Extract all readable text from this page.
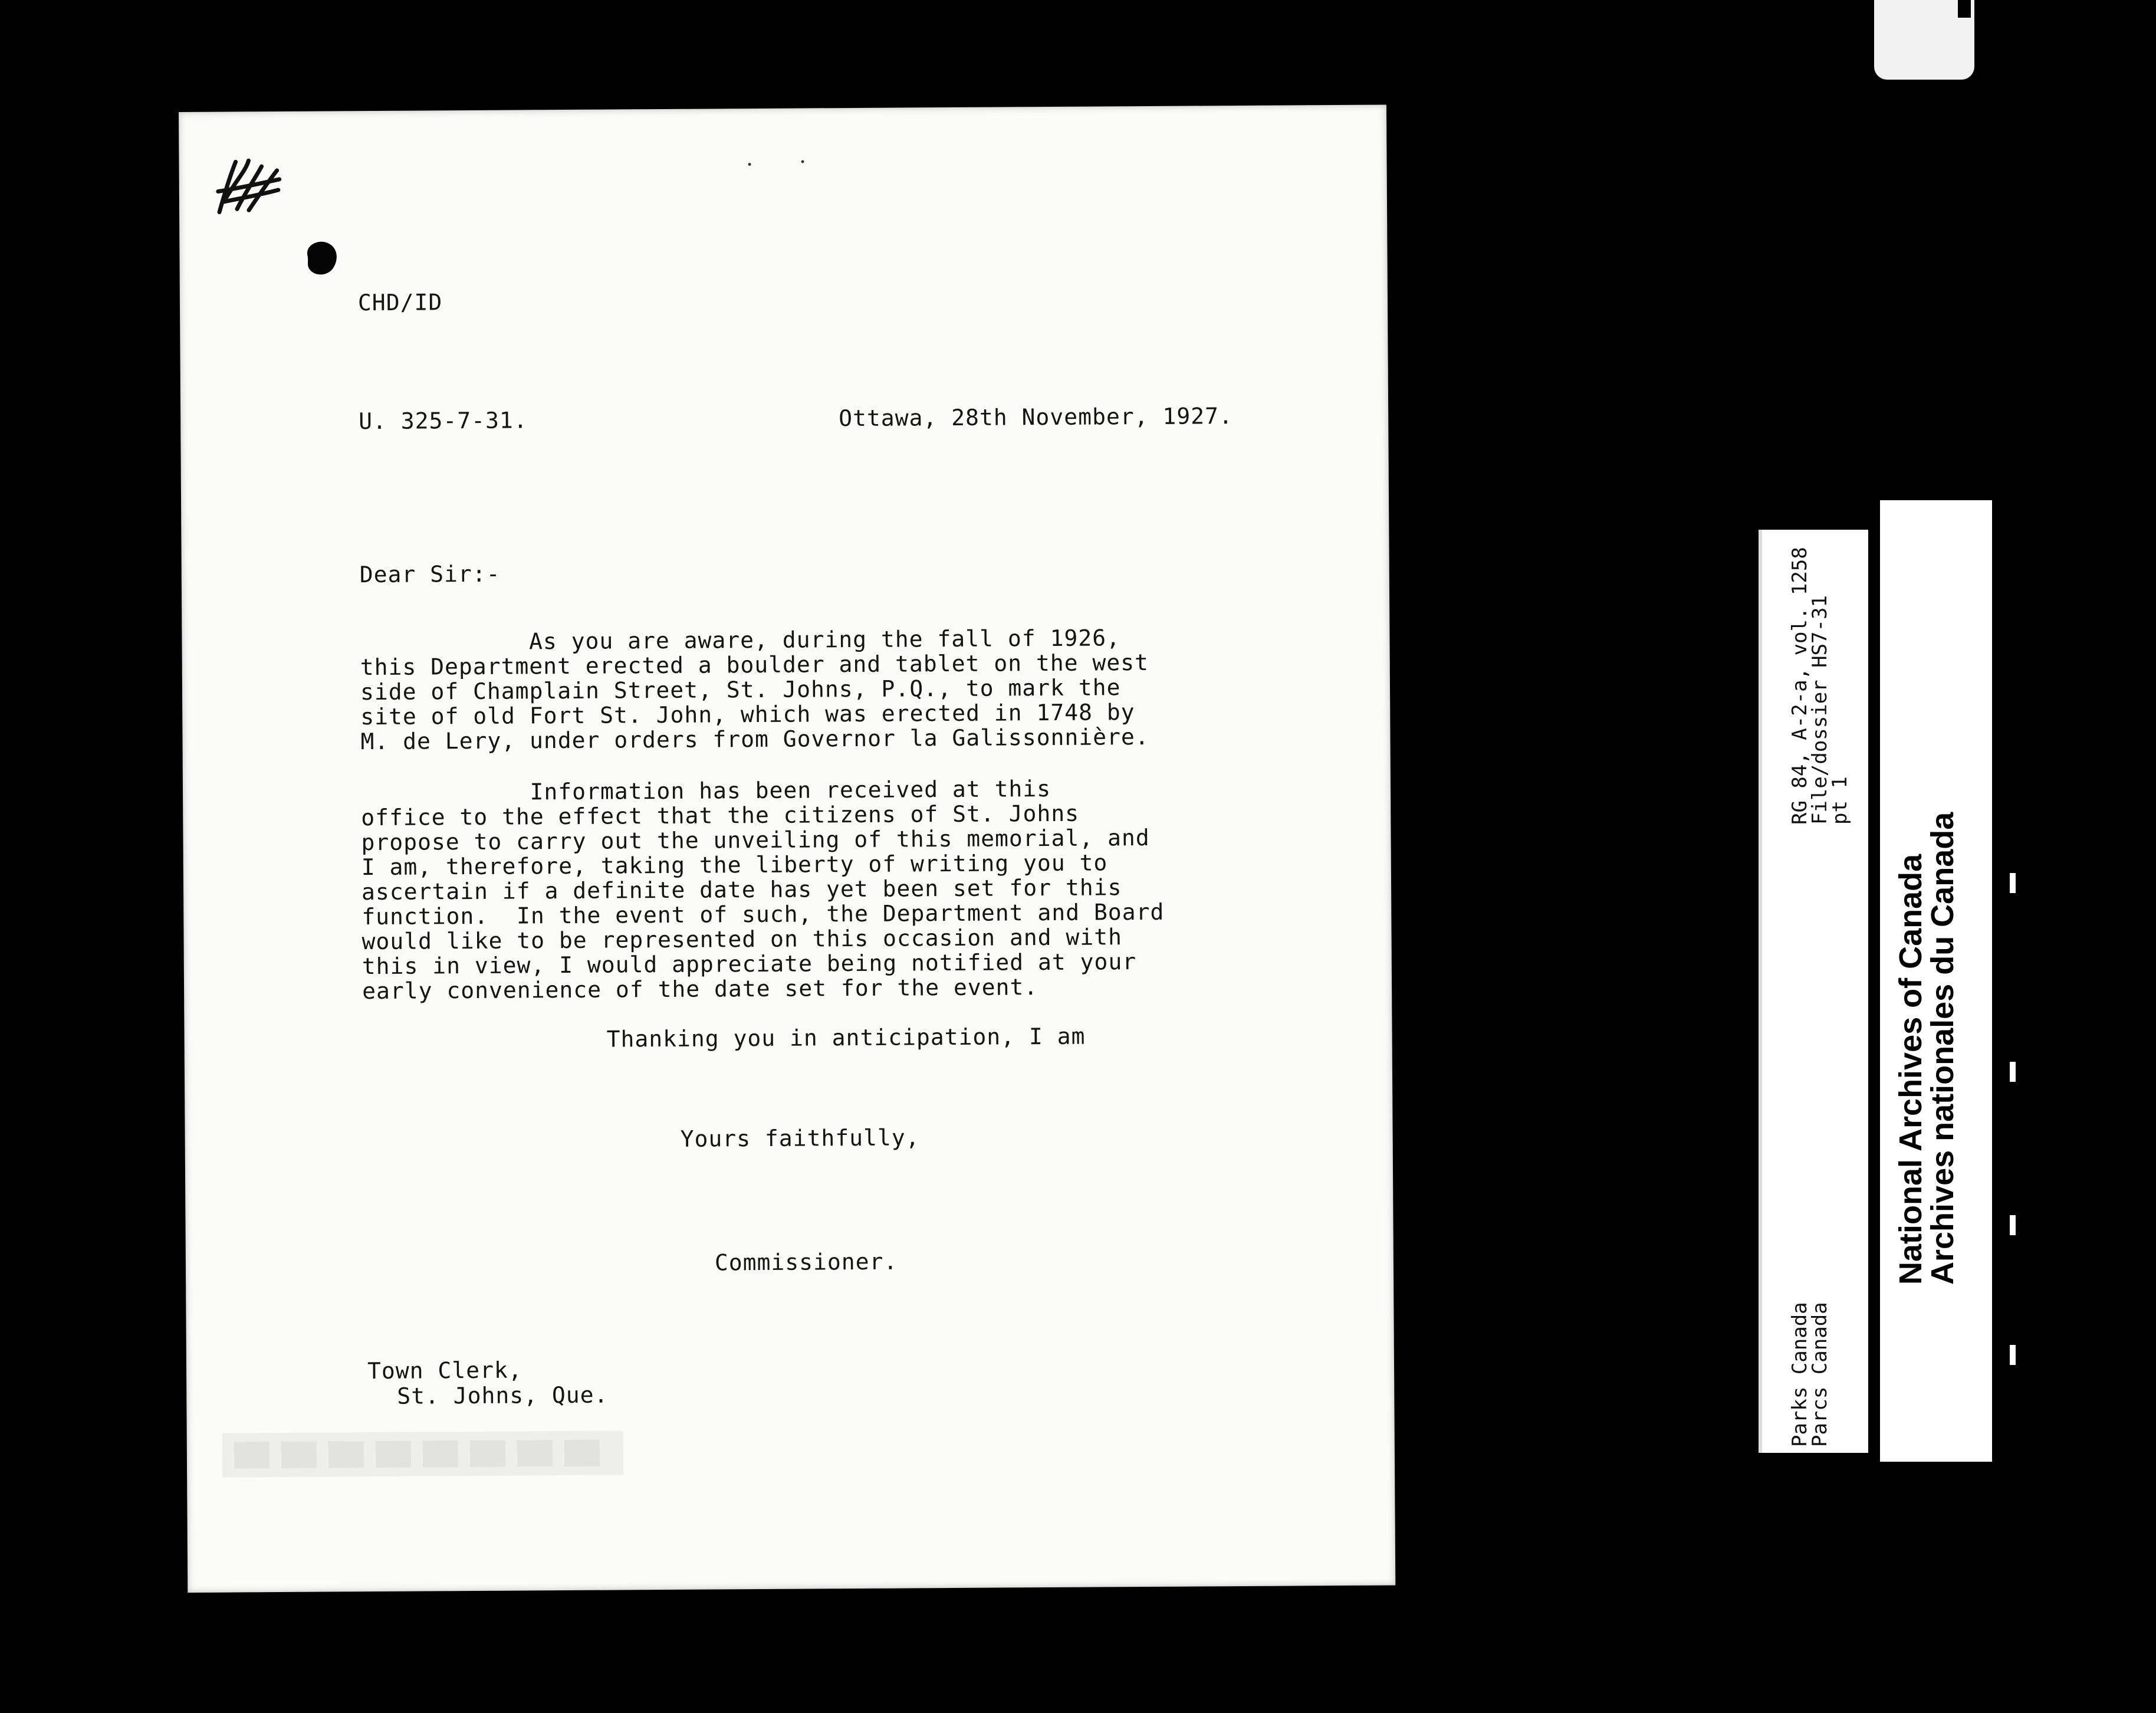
CHD/ID
U. 325-7-31.	Ottawa, 28th November, 1927.
Dear Sir:-
As you are aware, during the fall of 1926,
this Department erected a boulder and tablet on the west
side of Champlain Street, St. Johns, P.Q., to mark the
site of old Fort St. John, which was erected in 1748 by
M. de Lery, under orders from Governor la Galissonnière.
Information has been received at this
office to the effect that the citizens of St. Johns
propose to carry out the unveiling of this memorial, and
I am, therefore, taking the liberty of writing you to
ascertain if a definite date has yet been set for this
function.  In the event of such, the Department and Board
would like to be represented on this occasion and with
this in view, I would appreciate being notified at your
early convenience of the date set for the event.
Thanking you in anticipation, I am
Yours faithfully,
Commissioner.
Town Clerk,
St. Johns, Que.	Parks Canada
Parcs Canada
RG 84, A-2-a, vol. 1258
File/dossier HS7-31
pt 1
National Archives of Canada
Archives nationales du Canada
